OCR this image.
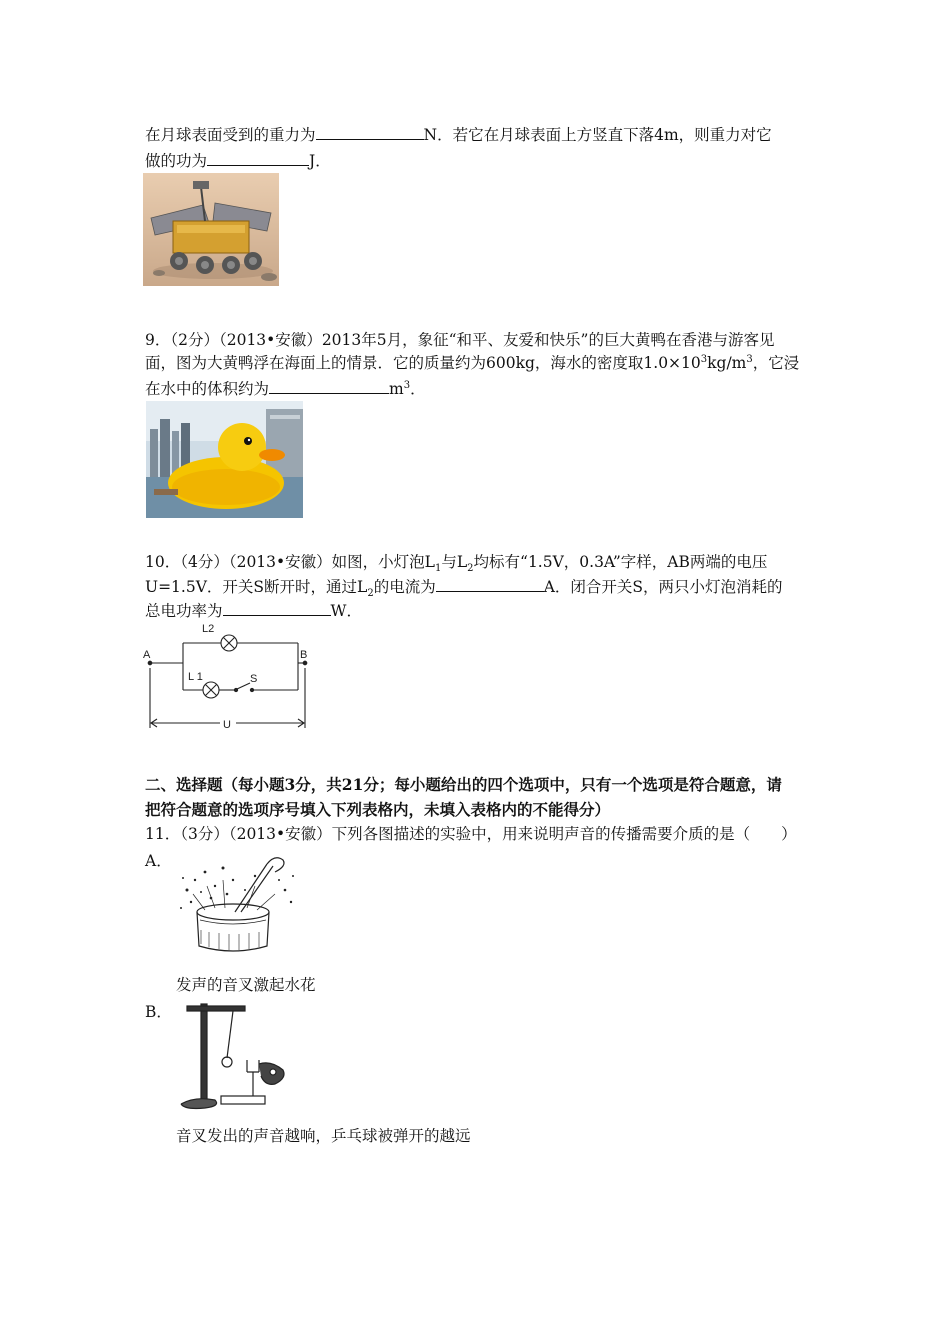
在月球表面受到的重力为	N．若它在月球表面上方竖直下落4m，则重力对它
做的功为	J．
9．（2分）（2013•安徽）2013年5月，象征“和平、友爱和快乐”的巨大黄鸭在香港与游客见
面，图为大黄鸭浮在海面上的情景．它的质量约为600kg，海水的密度取$1.0\times 10^3kg/m^3$，它浸
在水中的体积约为	$m^3$．
10．（4分）（2013•安徽）如图，小灯泡$L_1$与$L_2$均标有“1.5V，0.3A”字样，AB两端的电压
U=1.5V．开关S断开时，通过$L_2$的电流为	A．闭合开关S，两只小灯泡消耗的
总电功率为	W．
A	B
L2
L 1	S
U
二、选择题（每小题3分，共21分；每小题给出的四个选项中，只有一个选项是符合题意，请
把符合题意的选项序号填入下列表格内，未填入表格内的不能得分）
11．（3分）（2013•安徽）下列各图描述的实验中，用来说明声音的传播需要介质的是（　　）
A．
发声的音叉激起水花
B．
音叉发出的声音越响，乒乓球被弹开的越远
